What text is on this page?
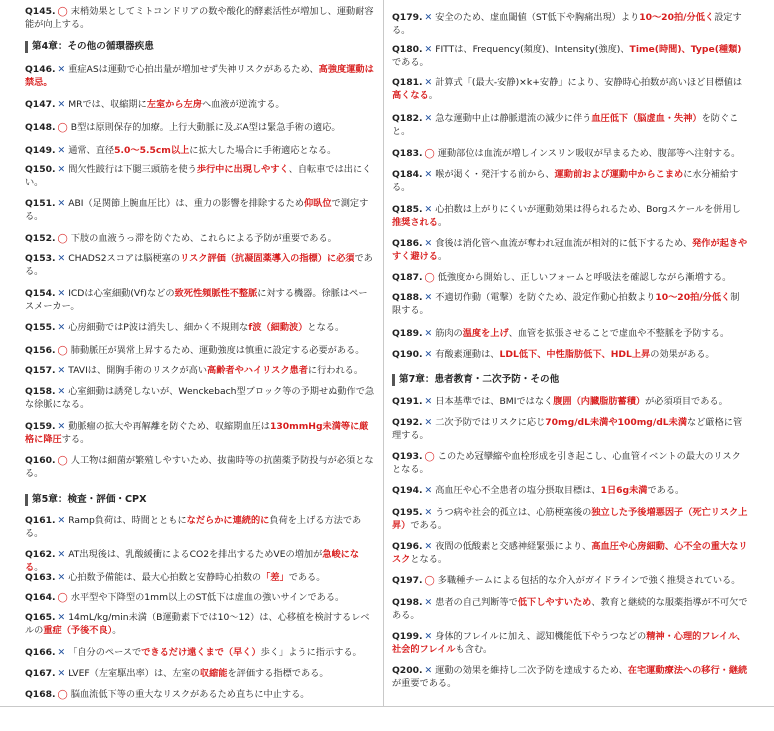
Q145. ◯ 末梢効果としてミトコンドリアの数や酸化的酵素活性が増加し、運動耐容能が向上する。

第4章：その他の循環器疾患

Q146. ✕ 重症ASは運動で心拍出量が増加せず失神リスクがあるため、高強度運動は禁忌。

Q147. ✕ MRでは、収縮期に左室から左房へ血液が逆流する。

Q148. ◯ B型は原則保存的加療。上行大動脈に及ぶA型は緊急手術の適応。

Q149. ✕ 通常、直径5.0〜5.5cm以上に拡大した場合に手術適応となる。

Q150. ✕ 間欠性跛行は下腿三頭筋を使う歩行中に出現しやすく、自転車では出にくい。

Q151. ✕ ABI（足関節上腕血圧比）は、重力の影響を排除するため仰臥位で測定する。

Q152. ◯ 下肢の血液うっ滞を防ぐため、これらによる予防が重要である。

Q153. ✕ CHADS2スコアは脳梗塞のリスク評価（抗凝固薬導入の指標）に必須である。

Q154. ✕ ICDは心室細動(Vf)などの致死性頻脈性不整脈に対する機器。徐脈はペースメーカー。

Q155. ✕ 心房細動ではP波は消失し、細かく不規則なf波（細動波）となる。

Q156. ◯ 肺動脈圧が異常上昇するため、運動強度は慎重に設定する必要がある。

Q157. ✕ TAVIは、開胸手術のリスクが高い高齢者やハイリスク患者に行われる。

Q158. ✕ 心室細動は誘発しないが、Wenckebach型ブロック等の予期せぬ動作で急な徐脈になる。

Q159. ✕ 動脈瘤の拡大や再解離を防ぐため、収縮期血圧は130mmHg未満等に厳格に降圧する。

Q160. ◯ 人工物は細菌が繁殖しやすいため、抜歯時等の抗菌薬予防投与が必須となる。

第5章：検査・評価・CPX

Q161. ✕ Ramp負荷は、時間とともになだらかに連続的に負荷を上げる方法である。

Q162. ✕ AT出現後は、乳酸緩衝によるCO2を排出するためVEの増加が急峻になる。

Q163. ✕ 心拍数予備能は、最大心拍数と安静時心拍数の「差」である。

Q164. ◯ 水平型や下降型の1mm以上のST低下は虚血の強いサインである。

Q165. ✕ 14mL/kg/min未満（B運動素下では10〜12）は、心移植を検討するレベルの重症（予後不良）。

Q166. ✕ 「自分のペースでできるだけ遠くまで（早く）歩く」ように指示する。

Q167. ✕ LVEF（左室駆出率）は、左室の収縮能を評価する指標である。

Q168. ◯ 脳血流低下等の重大なリスクがあるため直ちに中止する。

Q179. ✕ 安全のため、虚血閾値（ST低下や胸痛出現）より10〜20拍/分低く設定する。

Q180. ✕ FITTは、Frequency(頻度)、Intensity(強度)、Time(時間)、Type(種類)である。

Q181. ✕ 計算式「(最大-安静)×k+安静」により、安静時心拍数が高いほど目標値は高くなる。

Q182. ✕ 急な運動中止は静脈還流の減少に伴う血圧低下（脳虚血・失神）を防ぐこと。

Q183. ◯ 運動部位は血流が増しインスリン吸収が早まるため、腹部等へ注射する。

Q184. ✕ 喉が渇く・発汗する前から、運動前および運動中からこまめに水分補給する。

Q185. ✕ 心拍数は上がりにくいが運動効果は得られるため、Borgスケールを併用し推奨される。

Q186. ✕ 食後は消化管へ血流が奪われ冠血流が相対的に低下するため、発作が起きやすく避ける。

Q187. ◯ 低強度から開始し、正しいフォームと呼吸法を確認しながら漸増する。

Q188. ✕ 不適切作動（電撃）を防ぐため、設定作動心拍数より10〜20拍/分低く制限する。

Q189. ✕ 筋肉の温度を上げ、血管を拡張させることで虚血や不整脈を予防する。

Q190. ✕ 有酸素運動は、LDL低下、中性脂肪低下、HDL上昇の効果がある。

第7章：患者教育・二次予防・その他

Q191. ✕ 日本基準では、BMIではなく腹囲（内臓脂肪蓄積）が必須項目である。

Q192. ✕ 二次予防ではリスクに応じ70mg/dL未満や100mg/dL未満など厳格に管理する。

Q193. ◯ このため冠攣縮や血栓形成を引き起こし、心血管イベントの最大のリスクとなる。

Q194. ✕ 高血圧や心不全患者の塩分摂取目標は、1日6g未満である。

Q195. ✕ うつ病や社会的孤立は、心筋梗塞後の独立した予後増悪因子（死亡リスク上昇）である。

Q196. ✕ 夜間の低酸素と交感神経緊張により、高血圧や心房細動、心不全の重大なリスクとなる。

Q197. ◯ 多職種チームによる包括的な介入がガイドラインで強く推奨されている。

Q198. ✕ 患者の自己判断等で低下しやすいため、教育と継続的な服薬指導が不可欠である。

Q199. ✕ 身体的フレイルに加え、認知機能低下やうつなどの精神・心理的フレイル、社会的フレイルも含む。

Q200. ✕ 運動の効果を維持し二次予防を達成するため、在宅運動療法への移行・継続が重要である。
